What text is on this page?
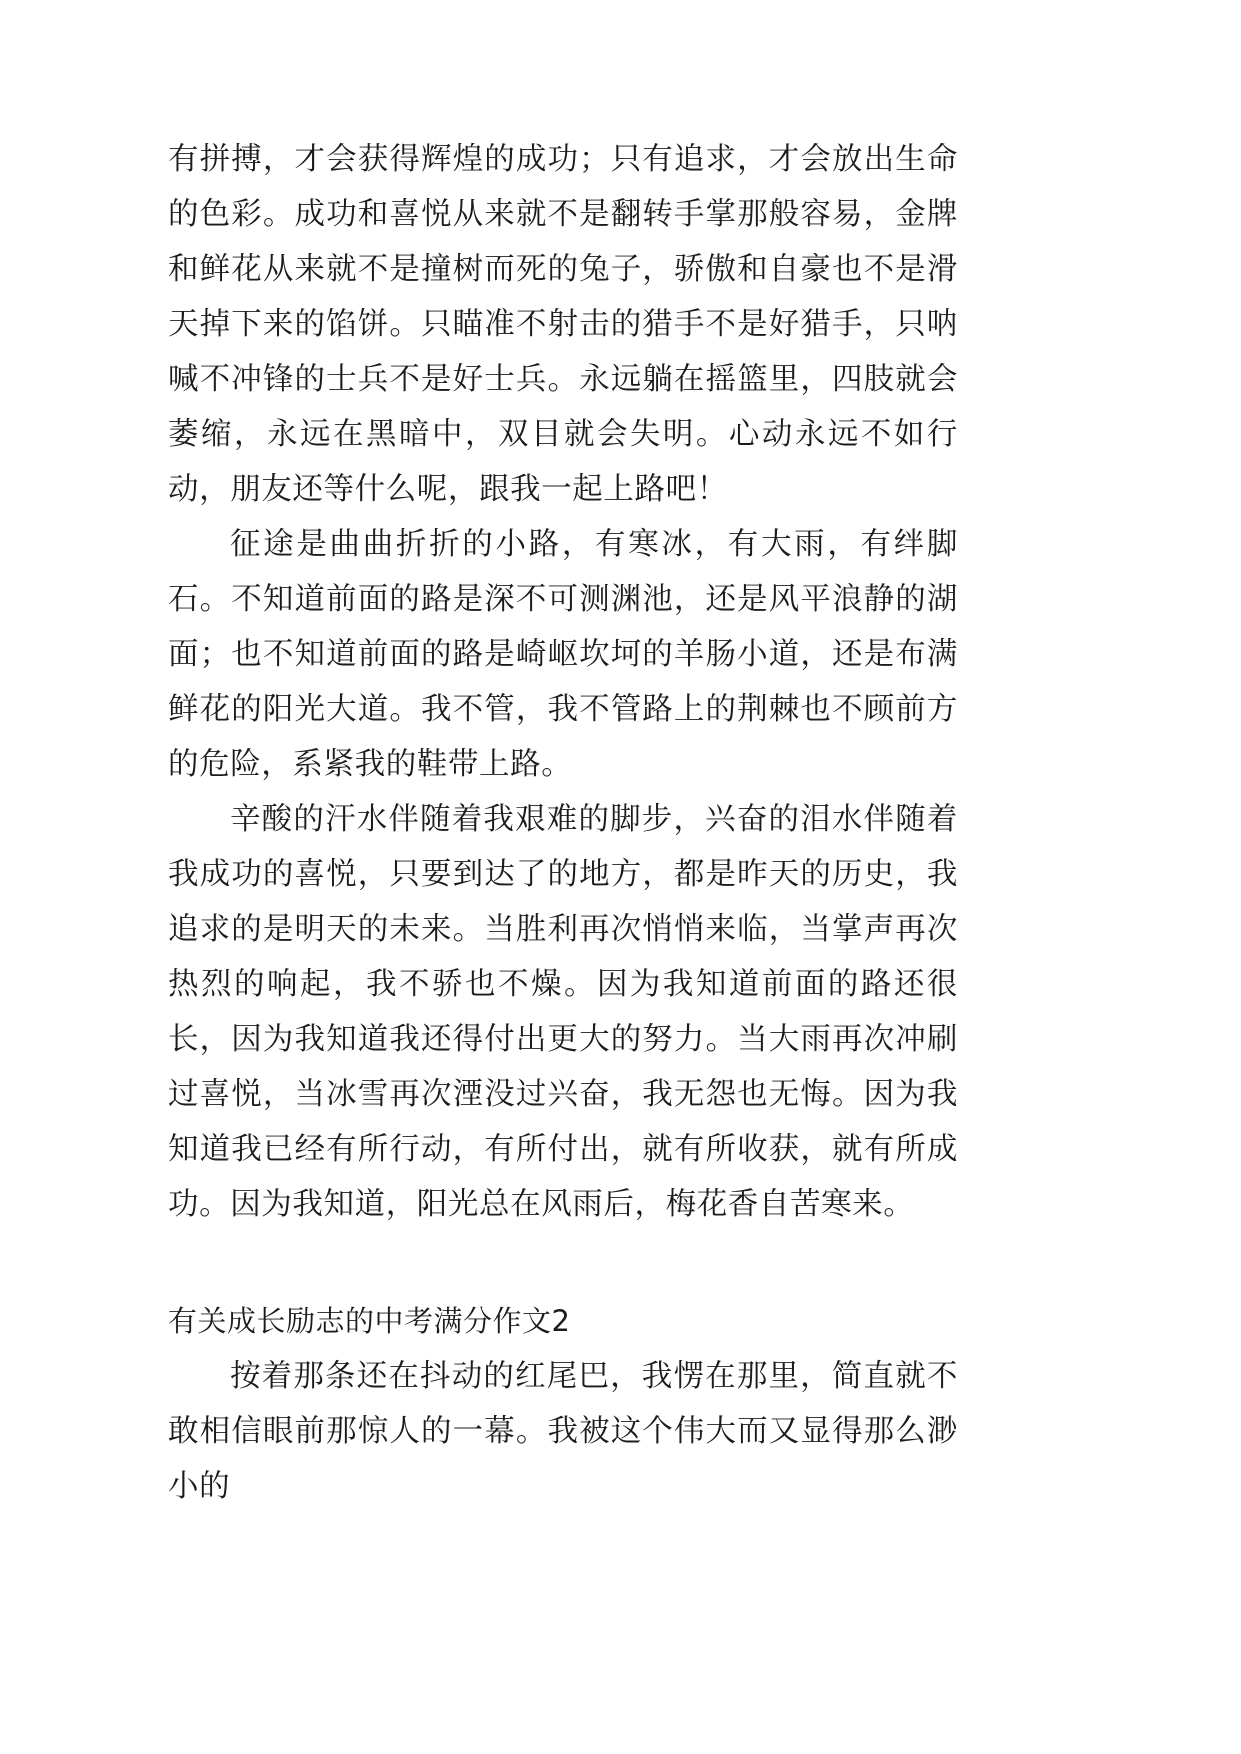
有拼搏，才会获得辉煌的成功；只有追求，才会放出生命的色彩。成功和喜悦从来就不是翻转手掌那般容易，金牌和鲜花从来就不是撞树而死的兔子，骄傲和自豪也不是滑天掉下来的馅饼。只瞄准不射击的猎手不是好猎手，只呐喊不冲锋的士兵不是好士兵。永远躺在摇篮里，四肢就会萎缩，永远在黑暗中，双目就会失明。心动永远不如行动，朋友还等什么呢，跟我一起上路吧！

征途是曲曲折折的小路，有寒冰，有大雨，有绊脚石。不知道前面的路是深不可测渊池，还是风平浪静的湖面；也不知道前面的路是崎岖坎坷的羊肠小道，还是布满鲜花的阳光大道。我不管，我不管路上的荆棘也不顾前方的危险，系紧我的鞋带上路。

辛酸的汗水伴随着我艰难的脚步，兴奋的泪水伴随着我成功的喜悦，只要到达了的地方，都是昨天的历史，我追求的是明天的未来。当胜利再次悄悄来临，当掌声再次热烈的响起，我不骄也不燥。因为我知道前面的路还很长，因为我知道我还得付出更大的努力。当大雨再次冲刷过喜悦，当冰雪再次湮没过兴奋，我无怨也无悔。因为我知道我已经有所行动，有所付出，就有所收获，就有所成功。因为我知道，阳光总在风雨后，梅花香自苦寒来。

有关成长励志的中考满分作文2

按着那条还在抖动的红尾巴，我愣在那里，简直就不敢相信眼前那惊人的一幕。我被这个伟大而又显得那么渺小的
